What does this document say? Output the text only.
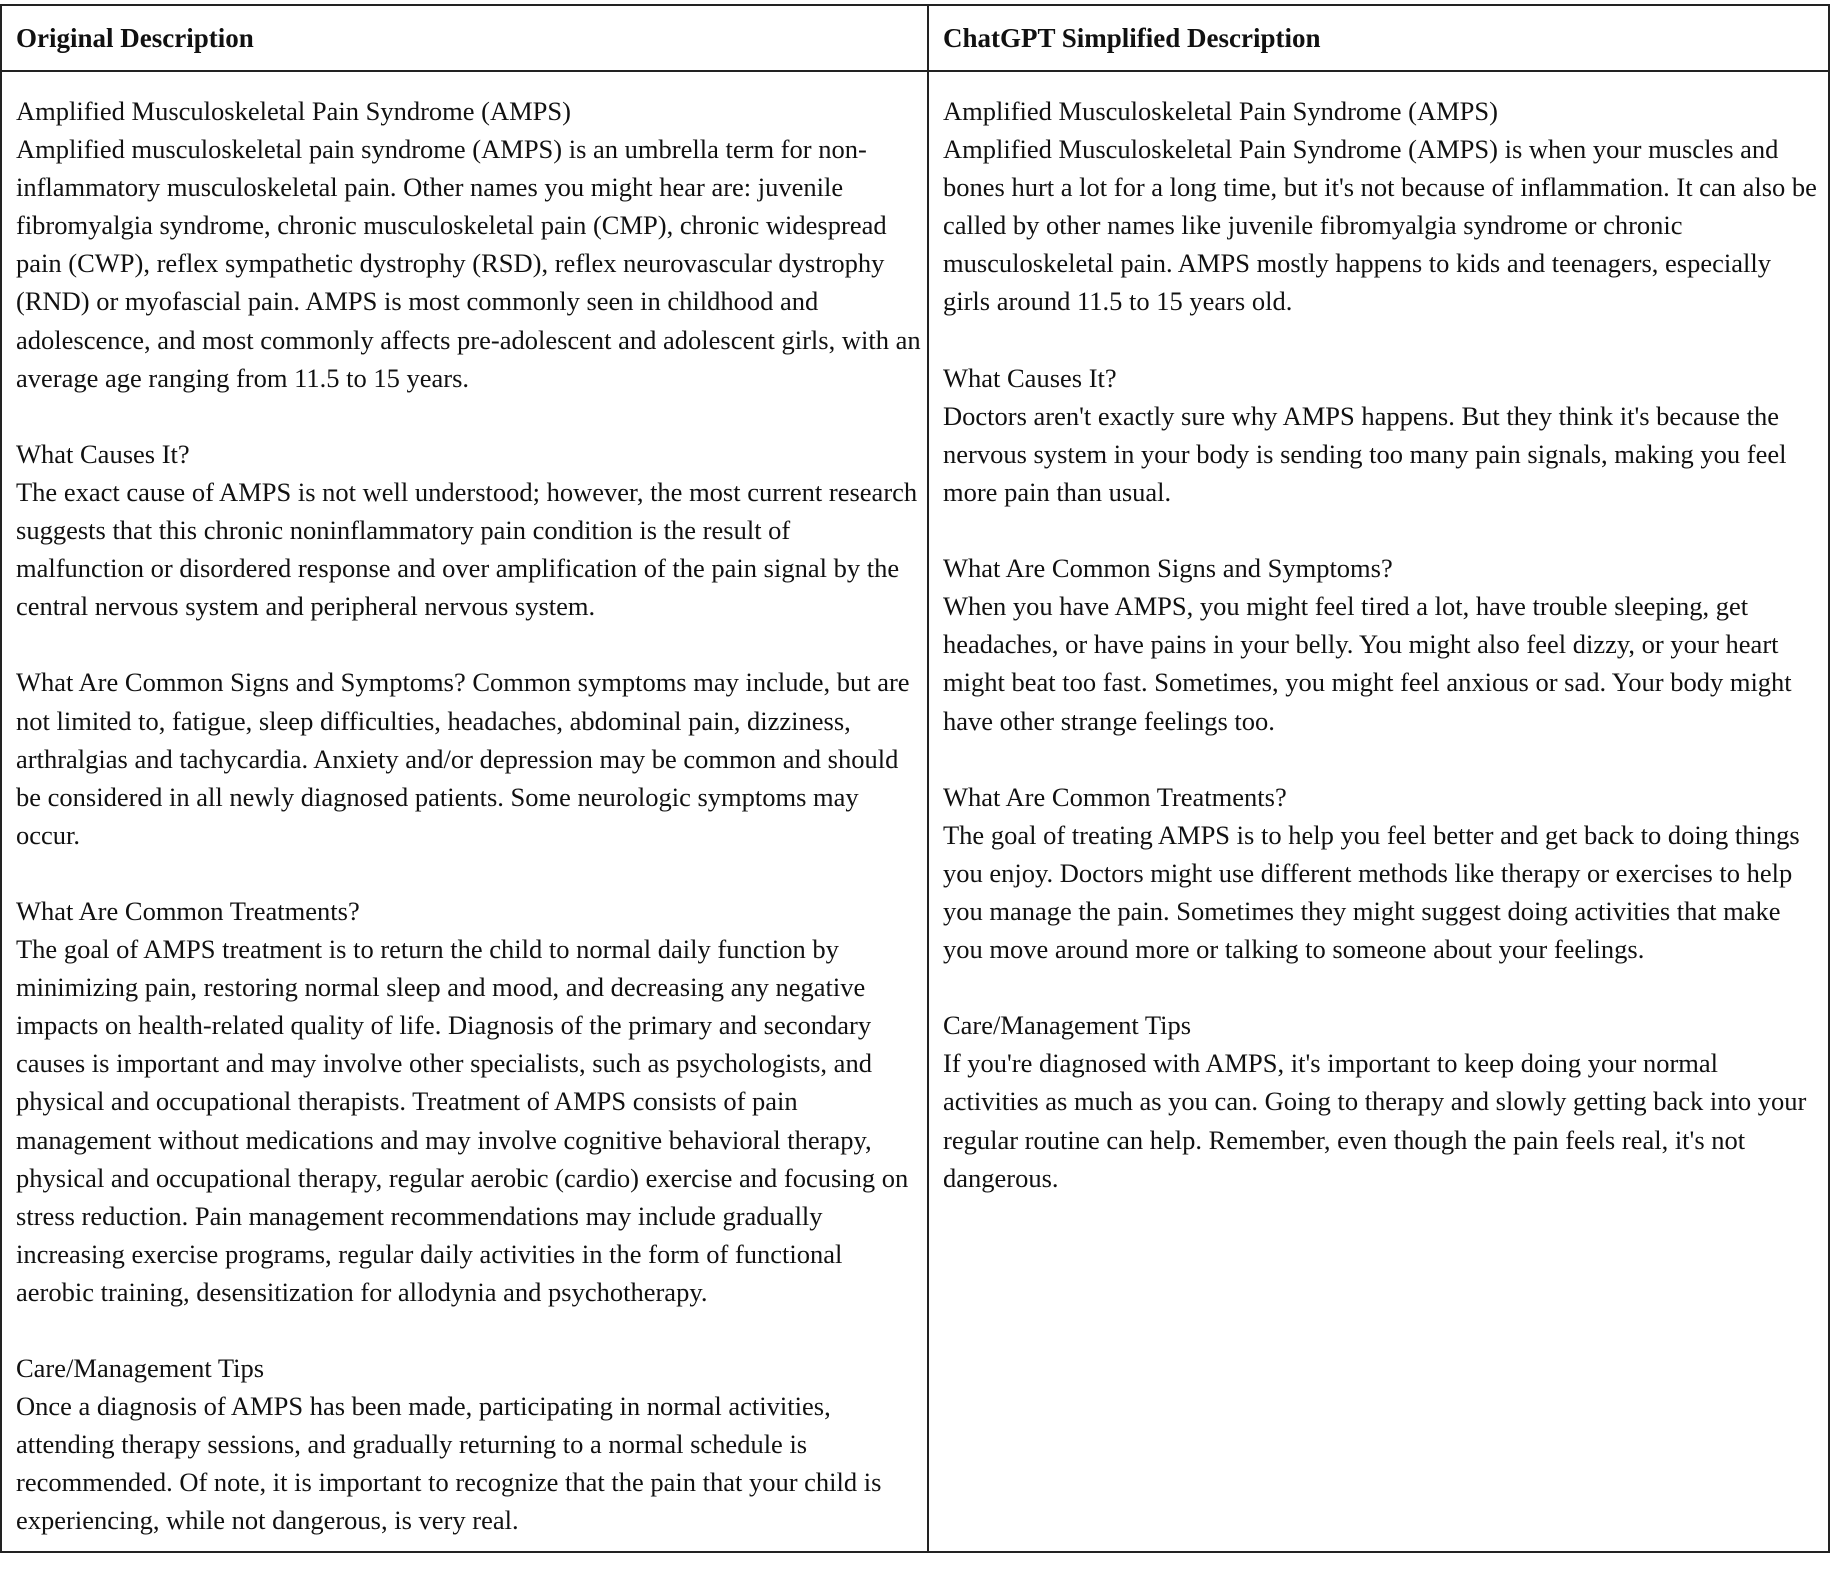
Original Description	ChatGPT Simplified Description
Amplified Musculoskeletal Pain Syndrome (AMPS)
Amplified musculoskeletal pain syndrome (AMPS) is an umbrella term for non-inflammatory musculoskeletal pain. Other names you might hear are: juvenile fibromyalgia syndrome, chronic musculoskeletal pain (CMP), chronic widespread pain (CWP), reflex sympathetic dystrophy (RSD), reflex neurovascular dystrophy (RND) or myofascial pain. AMPS is most commonly seen in childhood and adolescence, and most commonly affects pre-adolescent and adolescent girls, with an average age ranging from 11.5 to 15 years.
What Causes It?
The exact cause of AMPS is not well understood; however, the most current research suggests that this chronic noninflammatory pain condition is the result of malfunction or disordered response and over amplification of the pain signal by the central nervous system and peripheral nervous system.
What Are Common Signs and Symptoms? Common symptoms may include, but are not limited to, fatigue, sleep difficulties, headaches, abdominal pain, dizziness, arthralgias and tachycardia. Anxiety and/or depression may be common and should be considered in all newly diagnosed patients. Some neurologic symptoms may occur.
What Are Common Treatments?
The goal of AMPS treatment is to return the child to normal daily function by minimizing pain, restoring normal sleep and mood, and decreasing any negative impacts on health-related quality of life. Diagnosis of the primary and secondary causes is important and may involve other specialists, such as psychologists, and physical and occupational therapists. Treatment of AMPS consists of pain management without medications and may involve cognitive behavioral therapy, physical and occupational therapy, regular aerobic (cardio) exercise and focusing on stress reduction. Pain management recommendations may include gradually increasing exercise programs, regular daily activities in the form of functional aerobic training, desensitization for allodynia and psychotherapy.
Care/Management Tips
Once a diagnosis of AMPS has been made, participating in normal activities, attending therapy sessions, and gradually returning to a normal schedule is recommended. Of note, it is important to recognize that the pain that your child is experiencing, while not dangerous, is very real.
Amplified Musculoskeletal Pain Syndrome (AMPS)
Amplified Musculoskeletal Pain Syndrome (AMPS) is when your muscles and bones hurt a lot for a long time, but it's not because of inflammation. It can also be called by other names like juvenile fibromyalgia syndrome or chronic musculoskeletal pain. AMPS mostly happens to kids and teenagers, especially girls around 11.5 to 15 years old.
What Causes It?
Doctors aren't exactly sure why AMPS happens. But they think it's because the nervous system in your body is sending too many pain signals, making you feel more pain than usual.
What Are Common Signs and Symptoms?
When you have AMPS, you might feel tired a lot, have trouble sleeping, get headaches, or have pains in your belly. You might also feel dizzy, or your heart might beat too fast. Sometimes, you might feel anxious or sad. Your body might have other strange feelings too.
What Are Common Treatments?
The goal of treating AMPS is to help you feel better and get back to doing things you enjoy. Doctors might use different methods like therapy or exercises to help you manage the pain. Sometimes they might suggest doing activities that make you move around more or talking to someone about your feelings.
Care/Management Tips
If you're diagnosed with AMPS, it's important to keep doing your normal activities as much as you can. Going to therapy and slowly getting back into your regular routine can help. Remember, even though the pain feels real, it's not dangerous.
